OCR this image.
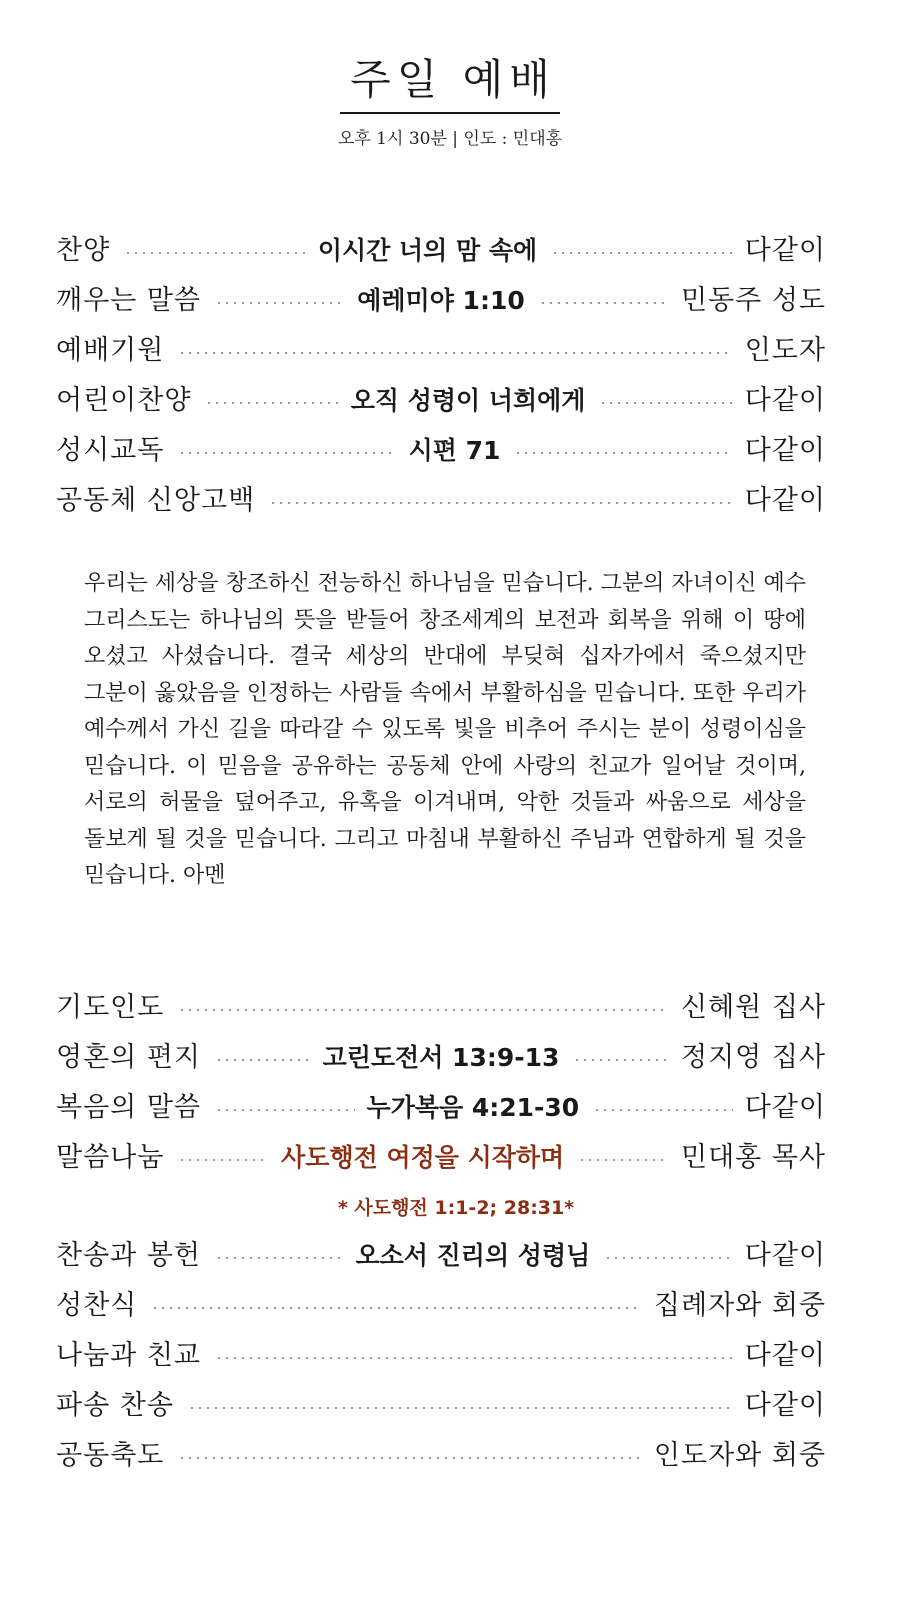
주일 예배
오후 1시 30분 | 인도 : 민대홍
찬양	이시간 너의 맘 속에	다같이
깨우는 말씀	예레미야 1:10	민동주 성도
예배기원	인도자
어린이찬양	오직 성령이 너희에게	다같이
성시교독	시편 71	다같이
공동체 신앙고백	다같이
우리는 세상을 창조하신 전능하신 하나님을 믿습니다. 그분의 자녀이신 예수 그리스도는 하나님의 뜻을 받들어 창조세계의 보전과 회복을 위해 이 땅에 오셨고 사셨습니다. 결국 세상의 반대에 부딪혀 십자가에서 죽으셨지만 그분이 옳았음을 인정하는 사람들 속에서 부활하심을 믿습니다. 또한 우리가 예수께서 가신 길을 따라갈 수 있도록 빛을 비추어 주시는 분이 성령이심을 믿습니다. 이 믿음을 공유하는 공동체 안에 사랑의 친교가 일어날 것이며, 서로의 허물을 덮어주고, 유혹을 이겨내며, 악한 것들과 싸움으로 세상을 돌보게 될 것을 믿습니다. 그리고 마침내 부활하신 주님과 연합하게 될 것을 믿습니다. 아멘
기도인도	신혜원 집사
영혼의 편지	고린도전서 13:9-13	정지영 집사
복음의 말씀	누가복음 4:21-30	다같이
말씀나눔	사도행전 여정을 시작하며	민대홍 목사
* 사도행전 1:1-2; 28:31*
찬송과 봉헌	오소서 진리의 성령님	다같이
성찬식	집례자와 회중
나눔과 친교	다같이
파송 찬송	다같이
공동축도	인도자와 회중
